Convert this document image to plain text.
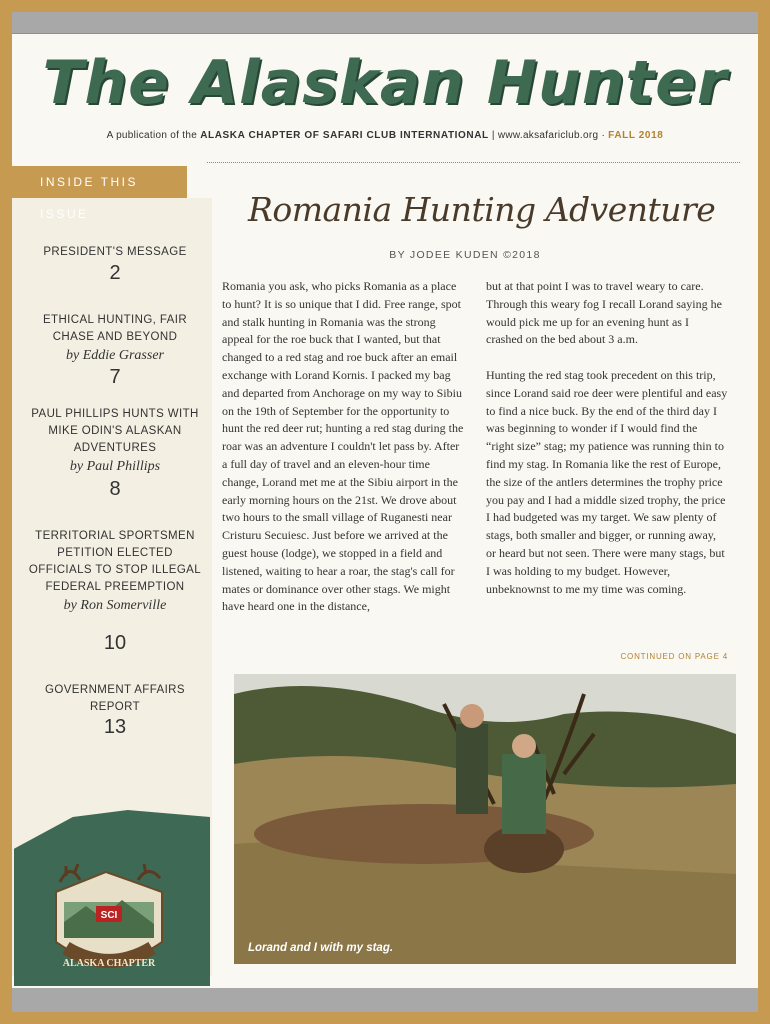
The Alaskan Hunter
A publication of the ALASKA CHAPTER OF SAFARI CLUB INTERNATIONAL | www.aksafariclub.org · FALL 2018
INSIDE THIS ISSUE
PRESIDENT'S MESSAGE
2
ETHICAL HUNTING, FAIR CHASE AND BEYOND
by Eddie Grasser
7
PAUL PHILLIPS HUNTS WITH MIKE ODIN'S ALASKAN ADVENTURES
by Paul Phillips
8
TERRITORIAL SPORTSMEN PETITION ELECTED OFFICIALS TO STOP ILLEGAL FEDERAL PREEMPTION
by Ron Somerville
10
GOVERNMENT AFFAIRS REPORT
13
SCI
ALASKA CHAPTER
Romania Hunting Adventure
BY JODEE KUDEN ©2018

Romania you ask, who picks Romania as a place to hunt? It is so unique that I did. Free range, spot and stalk hunting in Romania was the strong appeal for the roe buck that I wanted, but that changed to a red stag and roe buck after an email exchange with Lorand Kornis. I packed my bag and departed from Anchorage on my way to Sibiu on the 19th of September for the opportunity to hunt the red deer rut; hunting a red stag during the roar was an adventure I couldn't let pass by. After a full day of travel and an eleven-hour time change, Lorand met me at the Sibiu airport in the early morning hours on the 21st. We drove about two hours to the small village of Ruganesti near Cristuru Secuiesc. Just before we arrived at the guest house (lodge), we stopped in a field and listened, waiting to hear a roar, the stag's call for mates or dominance over other stags. We might have heard one in the distance,

but at that point I was to travel weary to care. Through this weary fog I recall Lorand saying he would pick me up for an evening hunt as I crashed on the bed about 3 a.m.

Hunting the red stag took precedent on this trip, since Lorand said roe deer were plentiful and easy to find a nice buck. By the end of the third day I was beginning to wonder if I would find the “right size” stag; my patience was running thin to find my stag. In Romania like the rest of Europe, the size of the antlers determines the trophy price you pay and I had a middle sized trophy, the price I had budgeted was my target. We saw plenty of stags, both smaller and bigger, or running away, or heard but not seen. There were many stags, but I was holding to my budget. However, unbeknownst to me my time was coming.

CONTINUED ON PAGE 4
Lorand and I with my stag.
